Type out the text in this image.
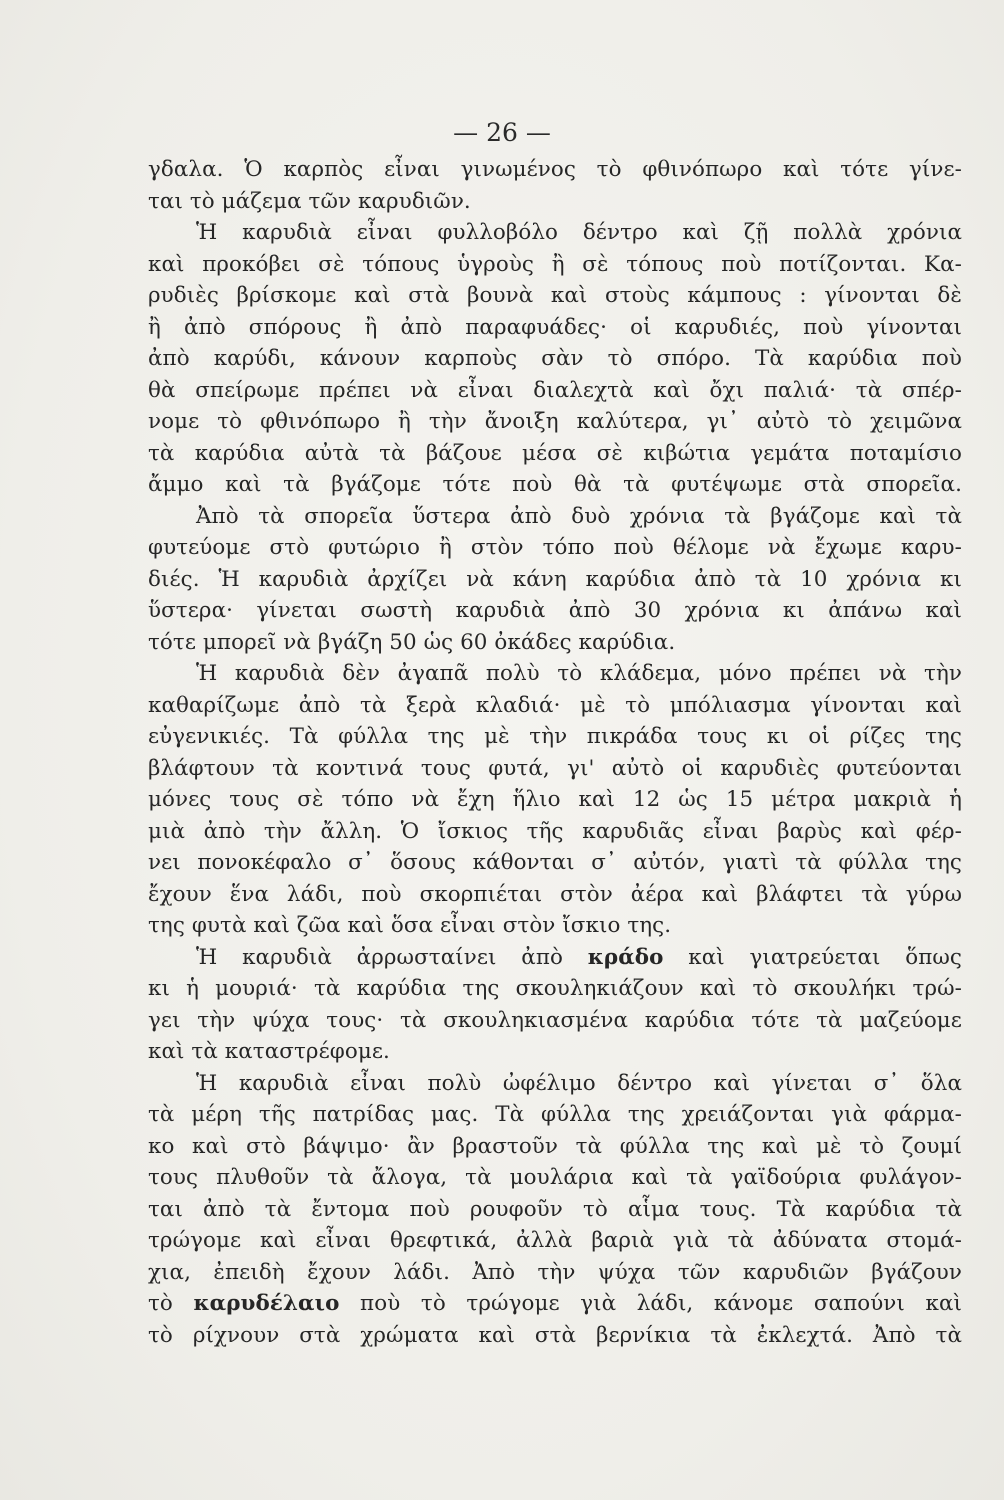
— 26 —
γδαλα. Ὁ καρπὸς εἶναι γινωμένος τὸ φθινόπωρο καὶ τότε γίνε-
ται τὸ μάζεμα τῶν καρυδιῶν.
Ἡ καρυδιὰ εἶναι φυλλοβόλο δέντρο καὶ ζῇ πολλὰ χρόνια
καὶ προκόβει σὲ τόπους ὑγροὺς ἢ σὲ τόπους ποὺ ποτίζονται. Κα-
ρυδιὲς βρίσκομε καὶ στὰ βουνὰ καὶ στοὺς κάμπους : γίνονται δὲ
ἢ ἀπὸ σπόρους ἢ ἀπὸ παραφυάδες· οἱ καρυδιές, ποὺ γίνονται
ἀπὸ καρύδι, κάνουν καρποὺς σὰν τὸ σπόρο. Τὰ καρύδια ποὺ
θὰ σπείρωμε πρέπει νὰ εἶναι διαλεχτὰ καὶ ὄχι παλιά· τὰ σπέρ-
νομε τὸ φθινόπωρο ἢ τὴν ἄνοιξη καλύτερα, γι᾽ αὐτὸ τὸ χειμῶνα
τὰ καρύδια αὐτὰ τὰ βάζουε μέσα σὲ κιβώτια γεμάτα ποταμίσιο
ἄμμο καὶ τὰ βγάζομε τότε ποὺ θὰ τὰ φυτέψωμε στὰ σπορεῖα.
Ἀπὸ τὰ σπορεῖα ὕστερα ἀπὸ δυὸ χρόνια τὰ βγάζομε καὶ τὰ
φυτεύομε στὸ φυτώριο ἢ στὸν τόπο ποὺ θέλομε νὰ ἔχωμε καρυ-
διές. Ἡ καρυδιὰ ἀρχίζει νὰ κάνη καρύδια ἀπὸ τὰ 10 χρόνια κι
ὕστερα· γίνεται σωστὴ καρυδιὰ ἀπὸ 30 χρόνια κι ἀπάνω καὶ
τότε μπορεῖ νὰ βγάζη 50 ὡς 60 ὀκάδες καρύδια.
Ἡ καρυδιὰ δὲν ἀγαπᾶ πολὺ τὸ κλάδεμα, μόνο πρέπει νὰ τὴν
καθαρίζωμε ἀπὸ τὰ ξερὰ κλαδιά· μὲ τὸ μπόλιασμα γίνονται καὶ
εὐγενικιές. Τὰ φύλλα της μὲ τὴν πικράδα τους κι οἱ ρίζες της
βλάφτουν τὰ κοντινά τους φυτά, γι' αὐτὸ οἱ καρυδιὲς φυτεύονται
μόνες τους σὲ τόπο νὰ ἔχη ἥλιο καὶ 12 ὡς 15 μέτρα μακριὰ ἡ
μιὰ ἀπὸ τὴν ἄλλη. Ὁ ἴσκιος τῆς καρυδιᾶς εἶναι βαρὺς καὶ φέρ-
νει πονοκέφαλο σ᾽ ὅσους κάθονται σ᾽ αὐτόν, γιατὶ τὰ φύλλα της
ἔχουν ἕνα λάδι, ποὺ σκορπιέται στὸν ἀέρα καὶ βλάφτει τὰ γύρω
της φυτὰ καὶ ζῶα καὶ ὅσα εἶναι στὸν ἴσκιο της.
Ἡ καρυδιὰ ἀρρωσταίνει ἀπὸ κράδο καὶ γιατρεύεται ὅπως
κι ἡ μουριά· τὰ καρύδια της σκουληκιάζουν καὶ τὸ σκουλήκι τρώ-
γει τὴν ψύχα τους· τὰ σκουληκιασμένα καρύδια τότε τὰ μαζεύομε
καὶ τὰ καταστρέφομε.
Ἡ καρυδιὰ εἶναι πολὺ ὠφέλιμο δέντρο καὶ γίνεται σ᾽ ὅλα
τὰ μέρη τῆς πατρίδας μας. Τὰ φύλλα της χρειάζονται γιὰ φάρμα-
κο καὶ στὸ βάψιμο· ἂν βραστοῦν τὰ φύλλα της καὶ μὲ τὸ ζουμί
τους πλυθοῦν τὰ ἄλογα, τὰ μουλάρια καὶ τὰ γαϊδούρια φυλάγον-
ται ἀπὸ τὰ ἔντομα ποὺ ρουφοῦν τὸ αἷμα τους. Τὰ καρύδια τὰ
τρώγομε καὶ εἶναι θρεφτικά, ἀλλὰ βαριὰ γιὰ τὰ ἀδύνατα στομά-
χια, ἐπειδὴ ἔχουν λάδι. Ἀπὸ τὴν ψύχα τῶν καρυδιῶν βγάζουν
τὸ καρυδέλαιο ποὺ τὸ τρώγομε γιὰ λάδι, κάνομε σαπούνι καὶ
τὸ ρίχνουν στὰ χρώματα καὶ στὰ βερνίκια τὰ ἐκλεχτά. Ἀπὸ τὰ
